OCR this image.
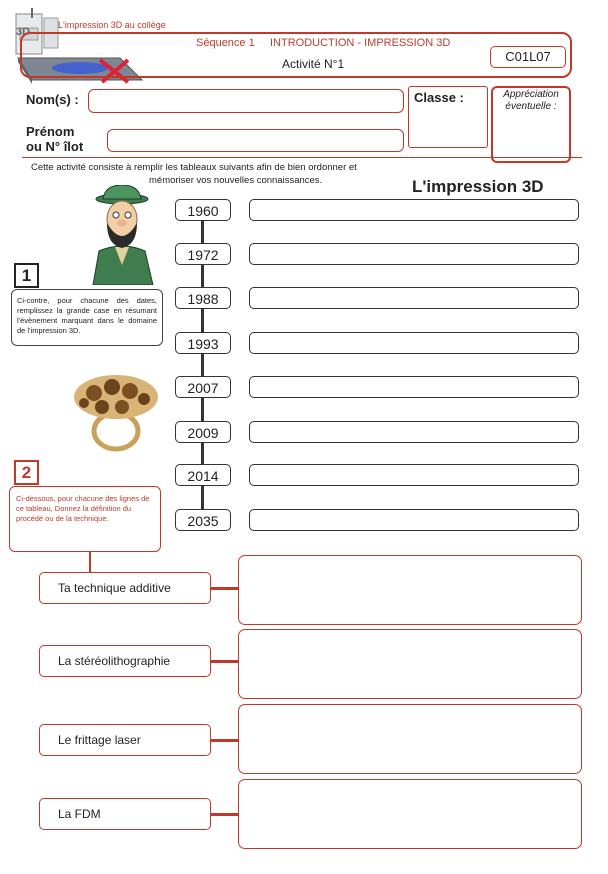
3D
L'impression 3D au collège
Séquence 1 INTRODUCTION - IMPRESSION 3D
Activité N°1	C01L07
Nom(s) :
Prénom
ou N° îlot
Classe :	Appréciation
éventuelle :
Cette activité consiste à remplir les tableaux suivants afin de bien ordonner et
mémoriser vos nouvelles connaissances.	L'impression 3D
1960
1972
1988
1993
2007
2009
2014
2035
1
Ci-contre, pour chacune des dates, remplissez la grande case en résumant l'évènement marquant dans le domaine de l'impression 3D.
2
Ci-dessous, pour chacune des lignes de ce tableau, Donnez la définition du procédé ou de la technique.
Ta technique additive
La stéréolithographie
Le frittage laser
La FDM
